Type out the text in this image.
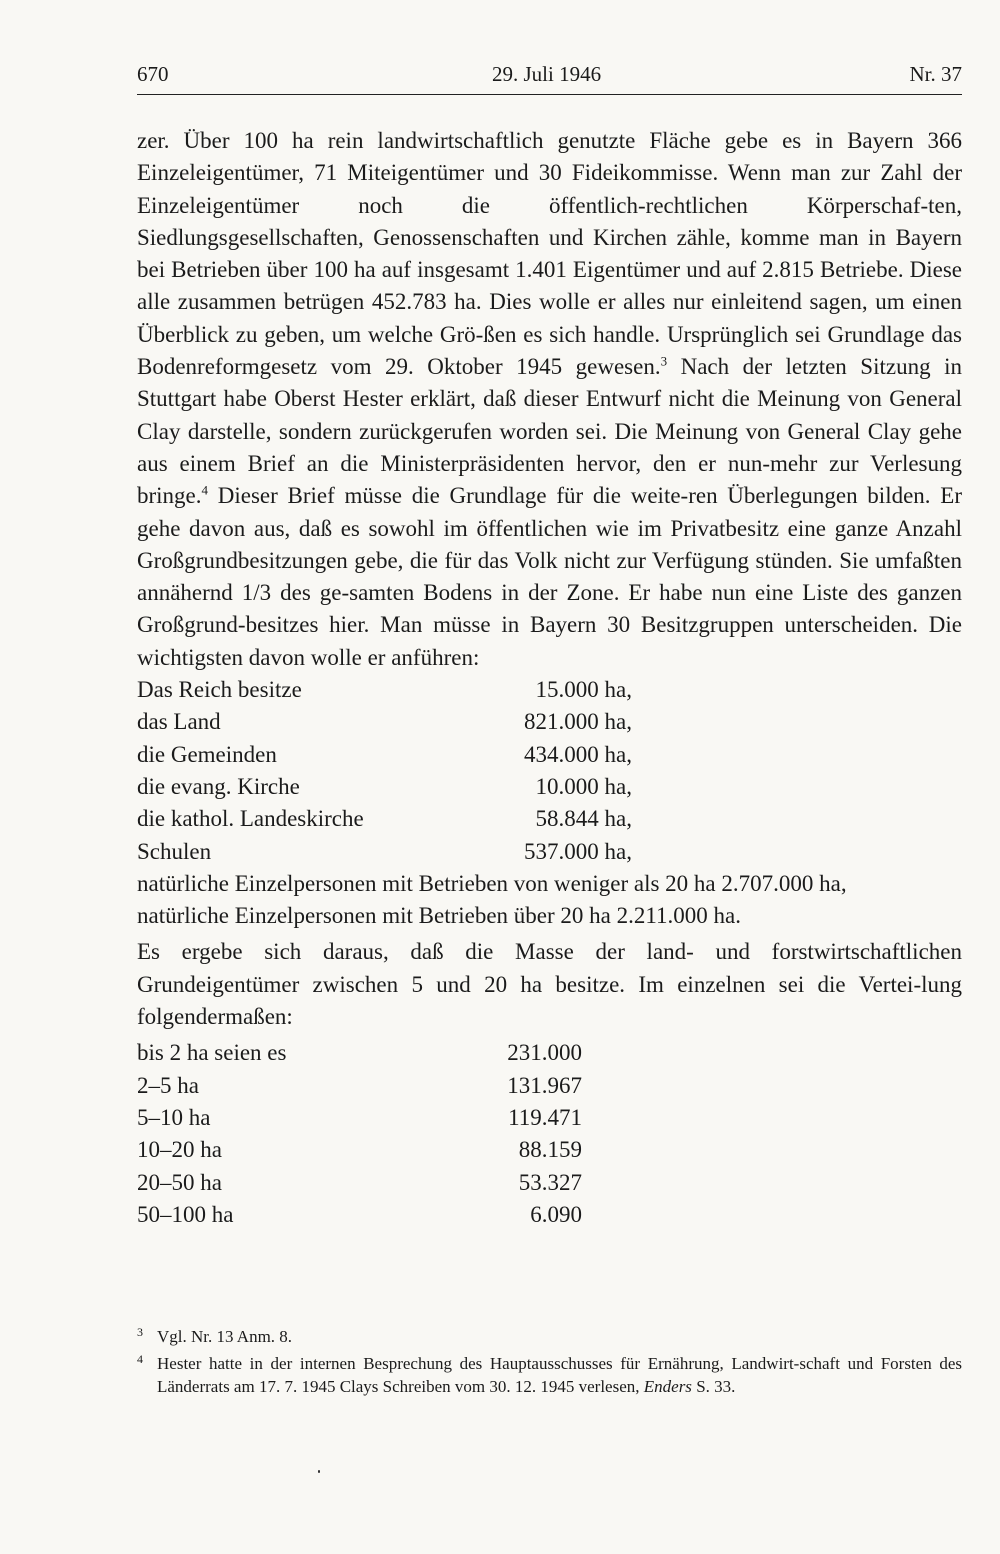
670	29. Juli 1946	Nr. 37

zer. Über 100 ha rein landwirtschaftlich genutzte Fläche gebe es in Bayern 366 Einzeleigentümer, 71 Miteigentümer und 30 Fideikommisse. Wenn man zur Zahl der Einzeleigentümer noch die öffentlich-rechtlichen Körperschaf-ten, Siedlungsgesellschaften, Genossenschaften und Kirchen zähle, komme man in Bayern bei Betrieben über 100 ha auf insgesamt 1.401 Eigentümer und auf 2.815 Betriebe. Diese alle zusammen betrügen 452.783 ha. Dies wolle er alles nur einleitend sagen, um einen Überblick zu geben, um welche Grö-ßen es sich handle. Ursprünglich sei Grundlage das Bodenreformgesetz vom 29. Oktober 1945 gewesen.$^3$ Nach der letzten Sitzung in Stuttgart habe Oberst Hester erklärt, daß dieser Entwurf nicht die Meinung von General Clay darstelle, sondern zurückgerufen worden sei. Die Meinung von General Clay gehe aus einem Brief an die Ministerpräsidenten hervor, den er nun-mehr zur Verlesung bringe.$^4$ Dieser Brief müsse die Grundlage für die weite-ren Überlegungen bilden. Er gehe davon aus, daß es sowohl im öffentlichen wie im Privatbesitz eine ganze Anzahl Großgrundbesitzungen gebe, die für das Volk nicht zur Verfügung stünden. Sie umfaßten annähernd 1/3 des ge-samten Bodens in der Zone. Er habe nun eine Liste des ganzen Großgrund-besitzes hier. Man müsse in Bayern 30 Besitzgruppen unterscheiden. Die wichtigsten davon wolle er anführen:

Das Reich besitze	15.000 ha,
das Land	821.000 ha,
die Gemeinden	434.000 ha,
die evang. Kirche	10.000 ha,
die kathol. Landeskirche	58.844 ha,
Schulen	537.000 ha,
natürliche Einzelpersonen mit Betrieben von weniger als 20 ha 2.707.000 ha,
natürliche Einzelpersonen mit Betrieben über 20 ha 2.211.000 ha.

Es ergebe sich daraus, daß die Masse der land- und forstwirtschaftlichen Grundeigentümer zwischen 5 und 20 ha besitze. Im einzelnen sei die Vertei-lung folgendermaßen:

bis 2 ha seien es	231.000
2–5 ha	131.967
5–10 ha	119.471
10–20 ha	88.159
20–50 ha	53.327
50–100 ha	6.090

3 Vgl. Nr. 13 Anm. 8.

4 Hester hatte in der internen Besprechung des Hauptausschusses für Ernährung, Landwirt-schaft und Forsten des Länderrats am 17. 7. 1945 Clays Schreiben vom 30. 12. 1945 verlesen, Enders S. 33.
